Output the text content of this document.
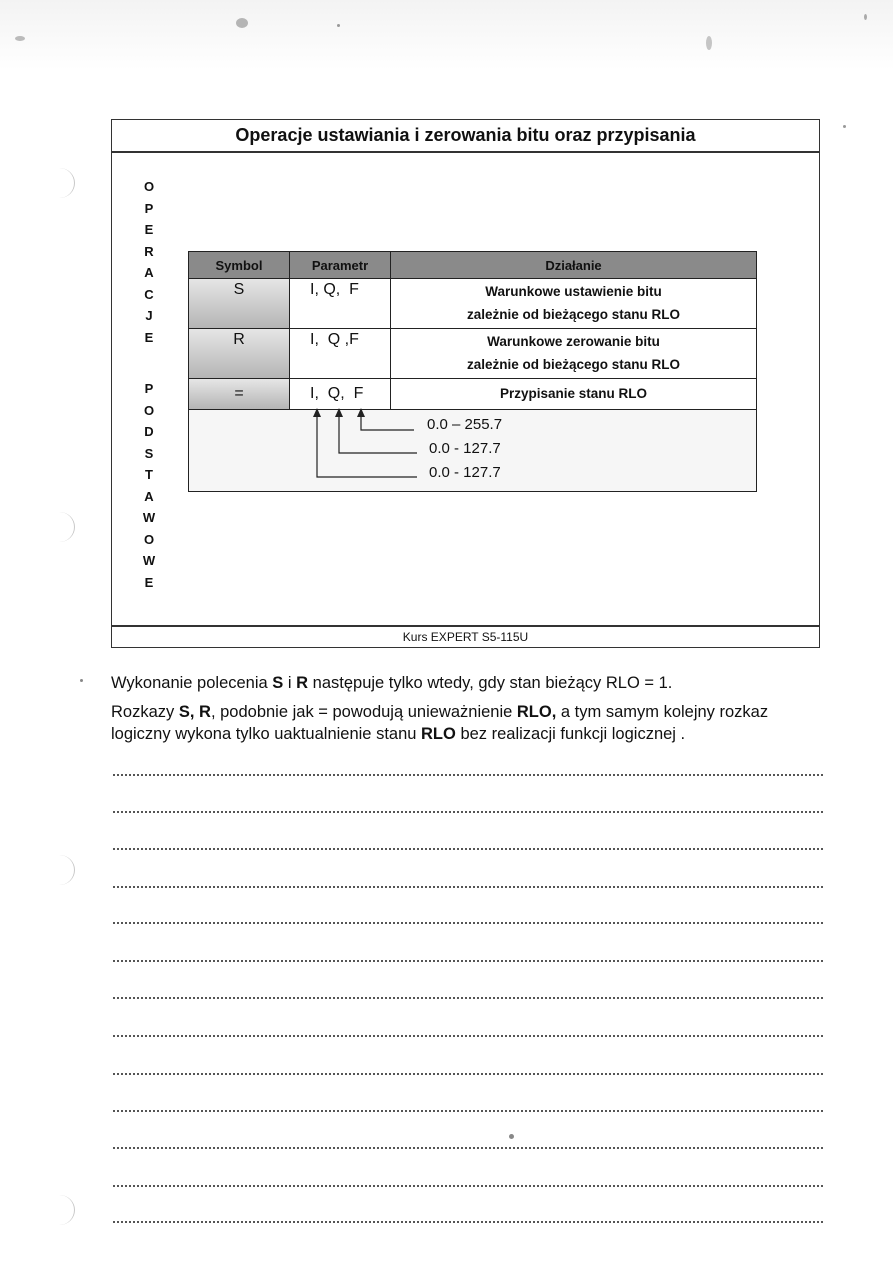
Operacje ustawiania i zerowania bitu oraz przypisania
O
P
E
R
A
C
J
E
P
O
D
S
T
A
W
O
W
E
Symbol	Parametr	Działanie
S	I, Q,  F	Warunkowe ustawienie bitu
zależnie od bieżącego stanu RLO
R	I,  Q ,F	Warunkowe zerowanie bitu
zależnie od bieżącego stanu RLO
=	I,  Q,  F	Przypisanie stanu RLO
0.0 – 255.7
0.0 - 127.7
0.0 - 127.7
Kurs EXPERT S5-115U
Wykonanie polecenia S i R następuje tylko wtedy, gdy stan bieżący RLO = 1.
Rozkazy S, R, podobnie jak = powodują unieważnienie RLO, a tym samym kolejny rozkaz
logiczny wykona tylko uaktualnienie stanu RLO bez realizacji funkcji logicznej .
